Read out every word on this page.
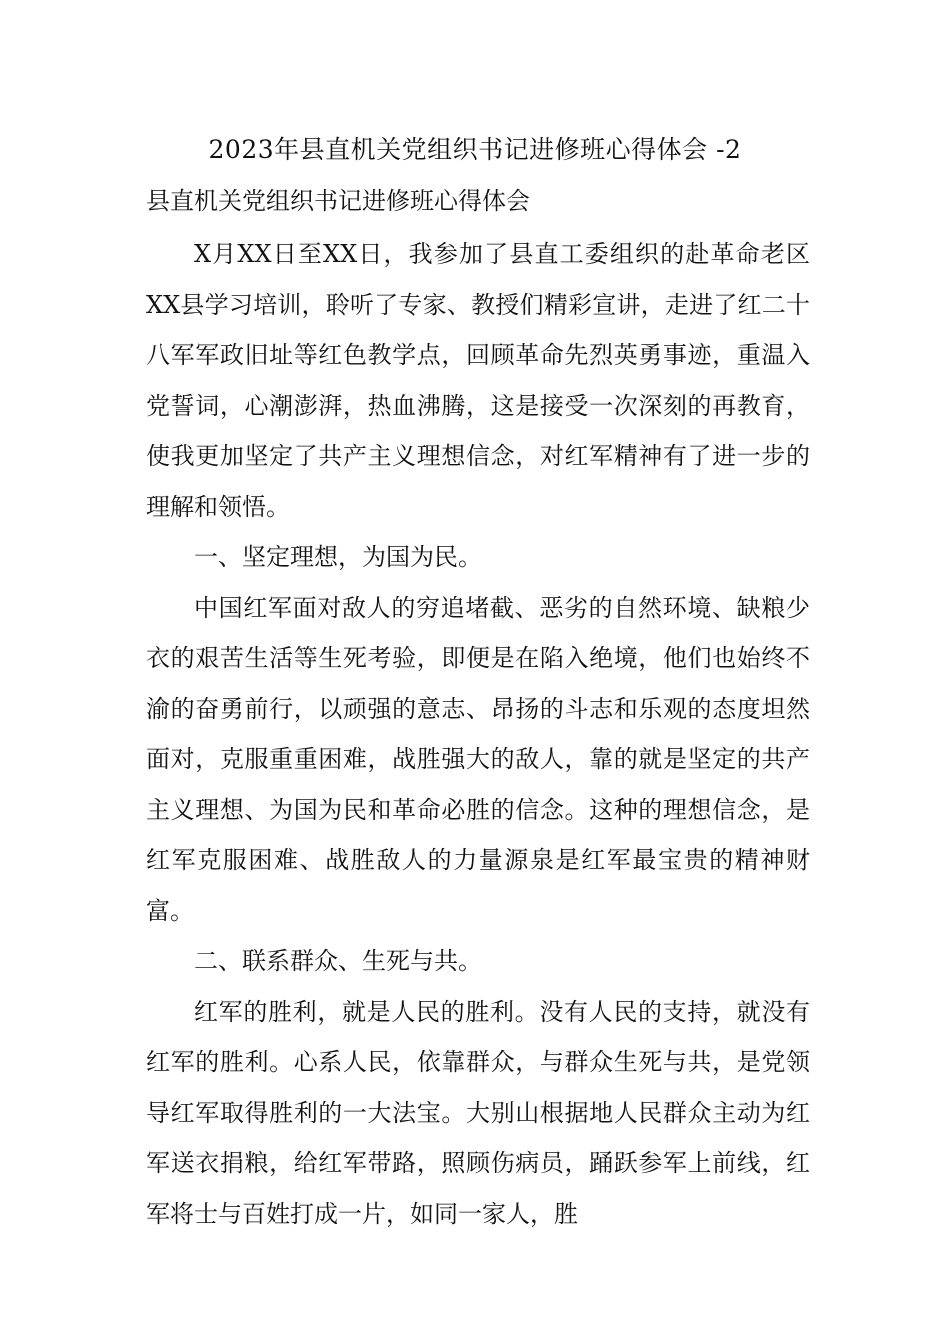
2023年县直机关党组织书记进修班心得体会 -2
县直机关党组织书记进修班心得体会

X月XX日至XX日，我参加了县直工委组织的赴革命老区XX县学习培训，聆听了专家、教授们精彩宣讲，走进了红二十八军军政旧址等红色教学点，回顾革命先烈英勇事迹，重温入党誓词，心潮澎湃，热血沸腾，这是接受一次深刻的再教育，使我更加坚定了共产主义理想信念，对红军精神有了进一步的理解和领悟。

一、坚定理想，为国为民。

中国红军面对敌人的穷追堵截、恶劣的自然环境、缺粮少衣的艰苦生活等生死考验，即便是在陷入绝境，他们也始终不渝的奋勇前行，以顽强的意志、昂扬的斗志和乐观的态度坦然面对，克服重重困难，战胜强大的敌人，靠的就是坚定的共产主义理想、为国为民和革命必胜的信念。这种的理想信念，是红军克服困难、战胜敌人的力量源泉是红军最宝贵的精神财富。

二、联系群众、生死与共。

红军的胜利，就是人民的胜利。没有人民的支持，就没有红军的胜利。心系人民，依靠群众，与群众生死与共，是党领导红军取得胜利的一大法宝。大别山根据地人民群众主动为红军送衣捐粮，给红军带路，照顾伤病员，踊跃参军上前线，红军将士与百姓打成一片，如同一家人，胜
